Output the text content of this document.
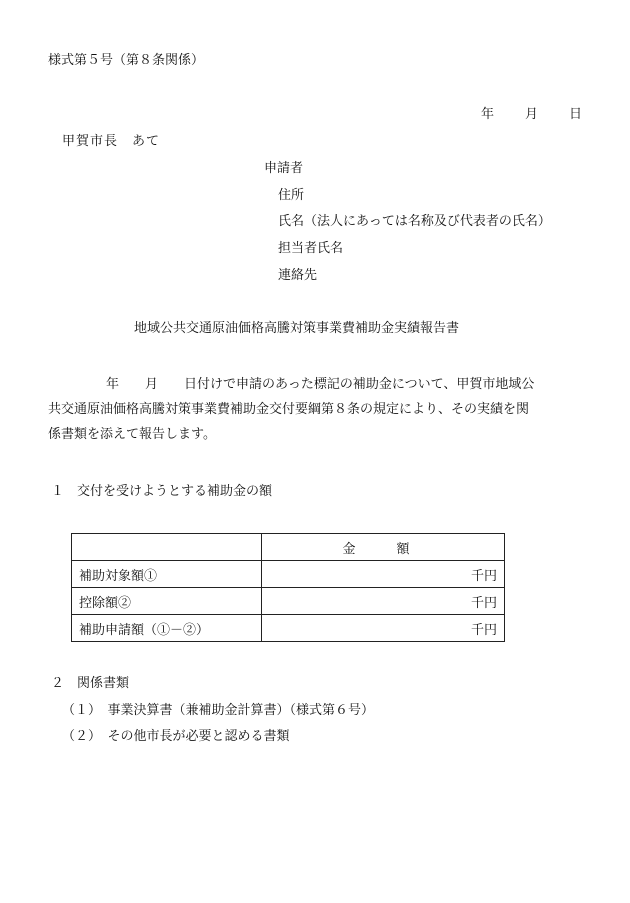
様式第５号（第８条関係）
年 月 日
甲賀市長　あて
申請者
住所
氏名（法人にあっては名称及び代表者の氏名）
担当者氏名
連絡先
地域公共交通原油価格高騰対策事業費補助金実績報告書
年　　月　　日付けで申請のあった標記の補助金について、甲賀市地域公
共交通原油価格高騰対策事業費補助金交付要綱第８条の規定により、その実績を関
係書類を添えて報告します。
１　交付を受けようとする補助金の額
	金　額
補助対象額①	千円
控除額②	千円
補助申請額（①－②）	千円
２　関係書類
（１）　事業決算書（兼補助金計算書）（様式第６号）
（２）　その他市長が必要と認める書類
